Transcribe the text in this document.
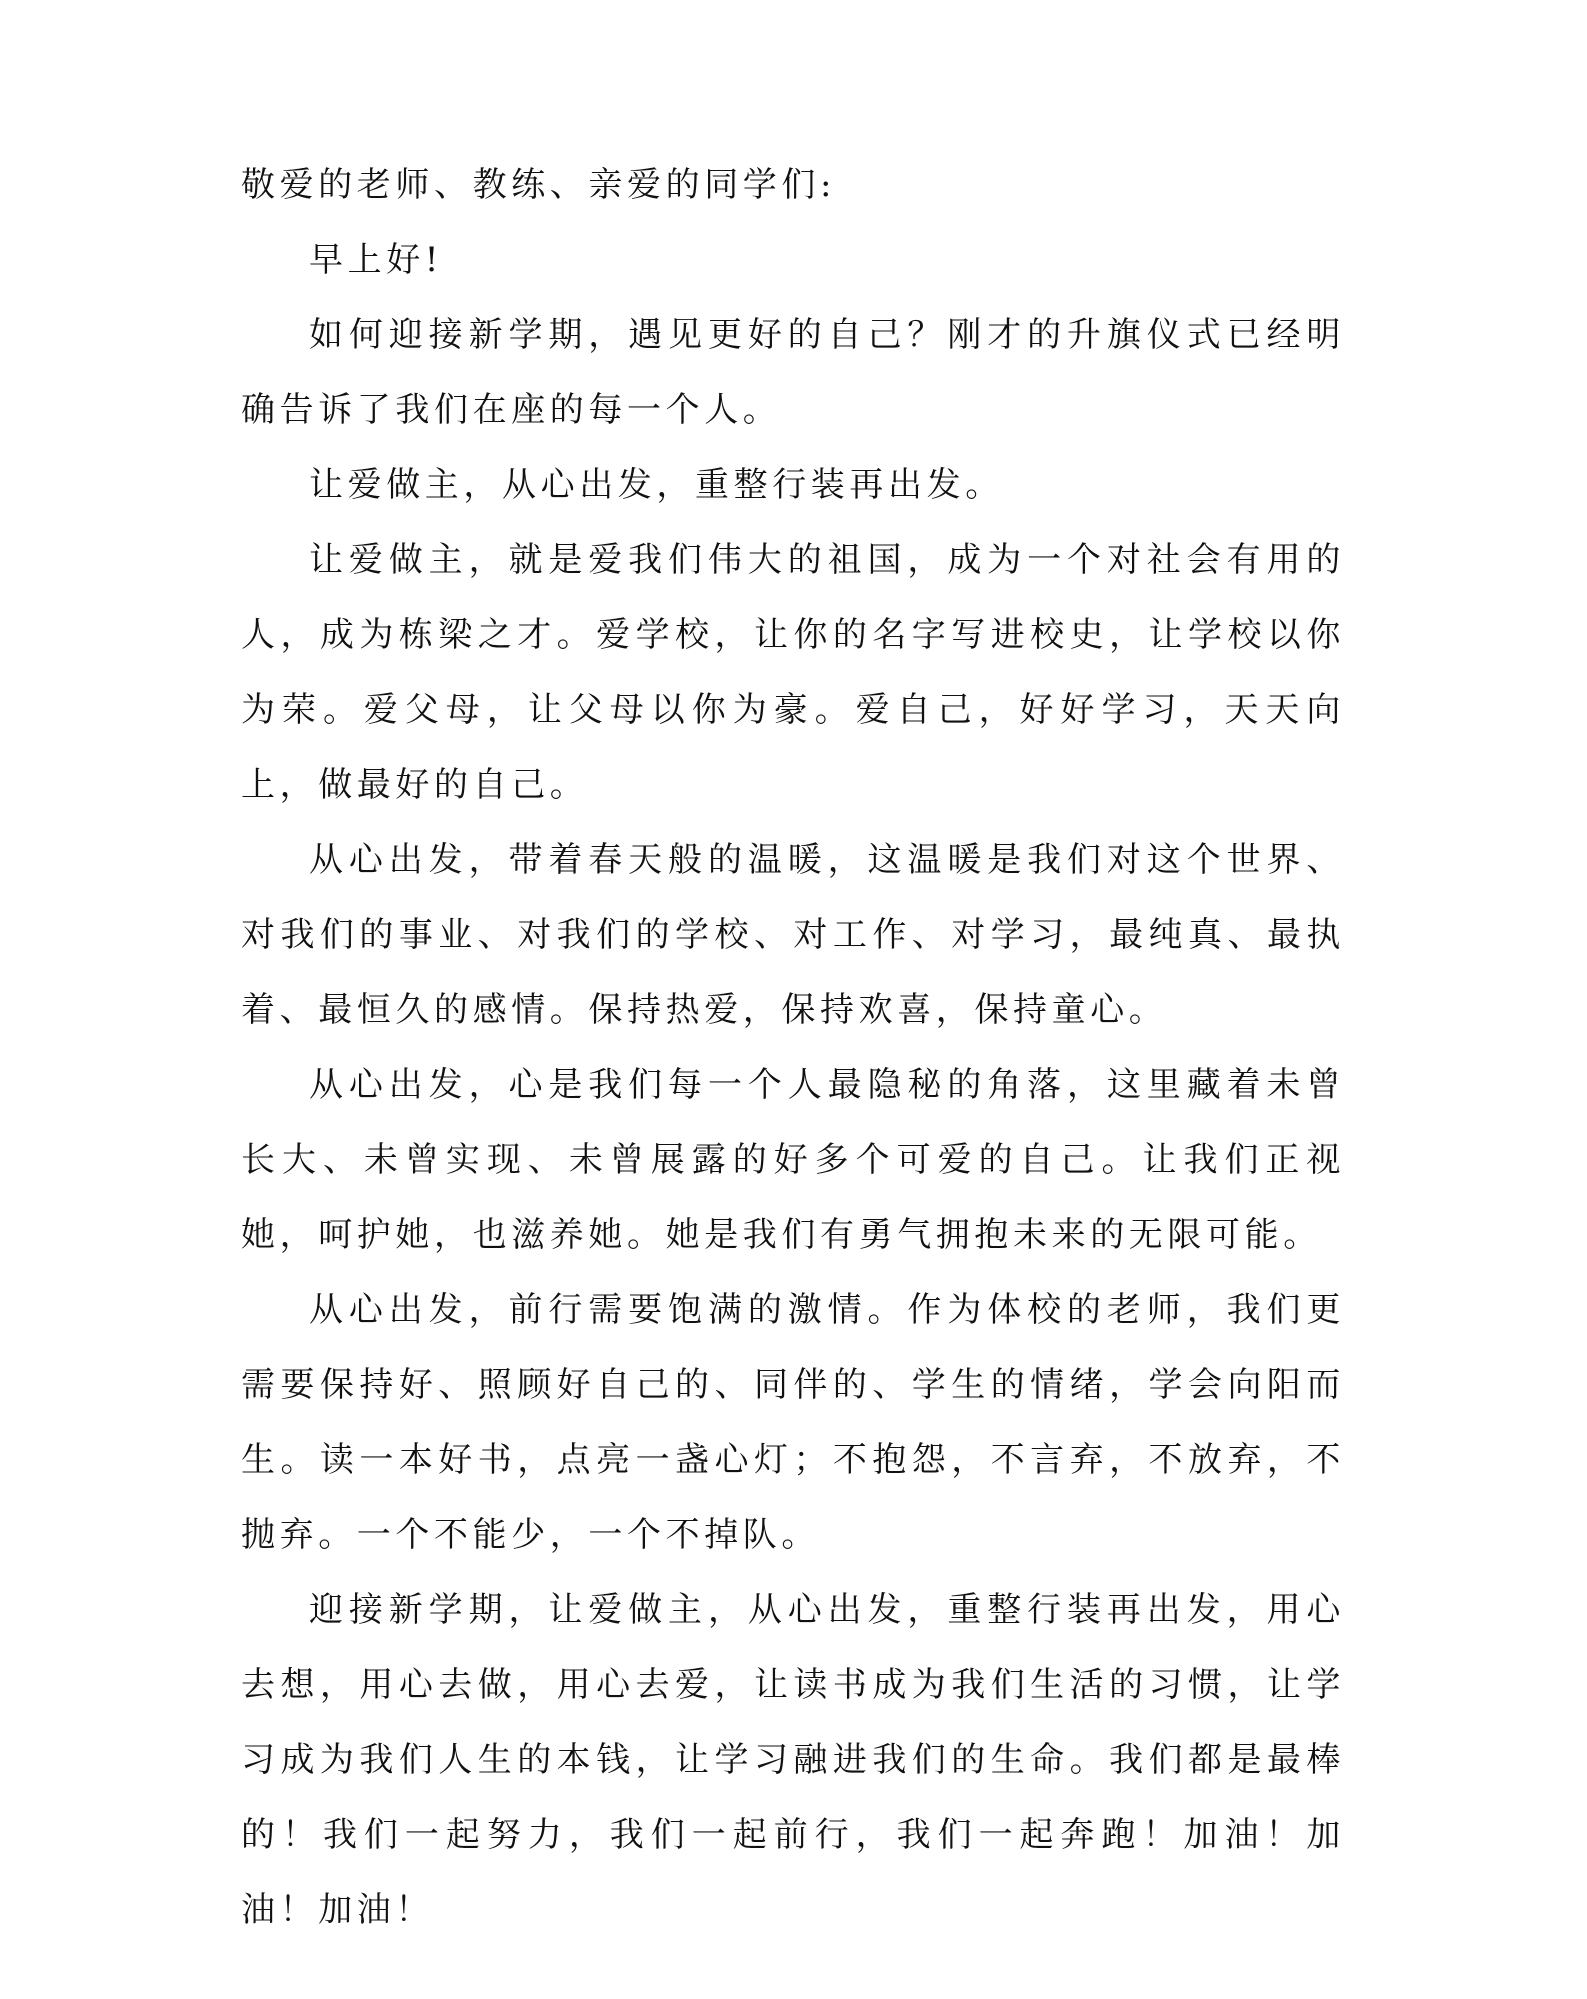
敬爱的老师、教练、亲爱的同学们:

早上好!

如何迎接新学期，遇见更好的自己？刚才的升旗仪式已经明确告诉了我们在座的每一个人。

让爱做主，从心出发，重整行装再出发。

让爱做主，就是爱我们伟大的祖国，成为一个对社会有用的人，成为栋梁之才。爱学校，让你的名字写进校史，让学校以你为荣。爱父母，让父母以你为豪。爱自己，好好学习，天天向上，做最好的自己。

从心出发，带着春天般的温暖，这温暖是我们对这个世界、对我们的事业、对我们的学校、对工作、对学习，最纯真、最执着、最恒久的感情。保持热爱，保持欢喜，保持童心。

从心出发，心是我们每一个人最隐秘的角落，这里藏着未曾长大、未曾实现、未曾展露的好多个可爱的自己。让我们正视她，呵护她，也滋养她。她是我们有勇气拥抱未来的无限可能。

从心出发，前行需要饱满的激情。作为体校的老师，我们更需要保持好、照顾好自己的、同伴的、学生的情绪，学会向阳而生。读一本好书，点亮一盏心灯；不抱怨，不言弃，不放弃，不抛弃。一个不能少，一个不掉队。

迎接新学期，让爱做主，从心出发，重整行装再出发，用心去想，用心去做，用心去爱，让读书成为我们生活的习惯，让学习成为我们人生的本钱，让学习融进我们的生命。我们都是最棒的！我们一起努力，我们一起前行，我们一起奔跑！加油！加油！加油！
